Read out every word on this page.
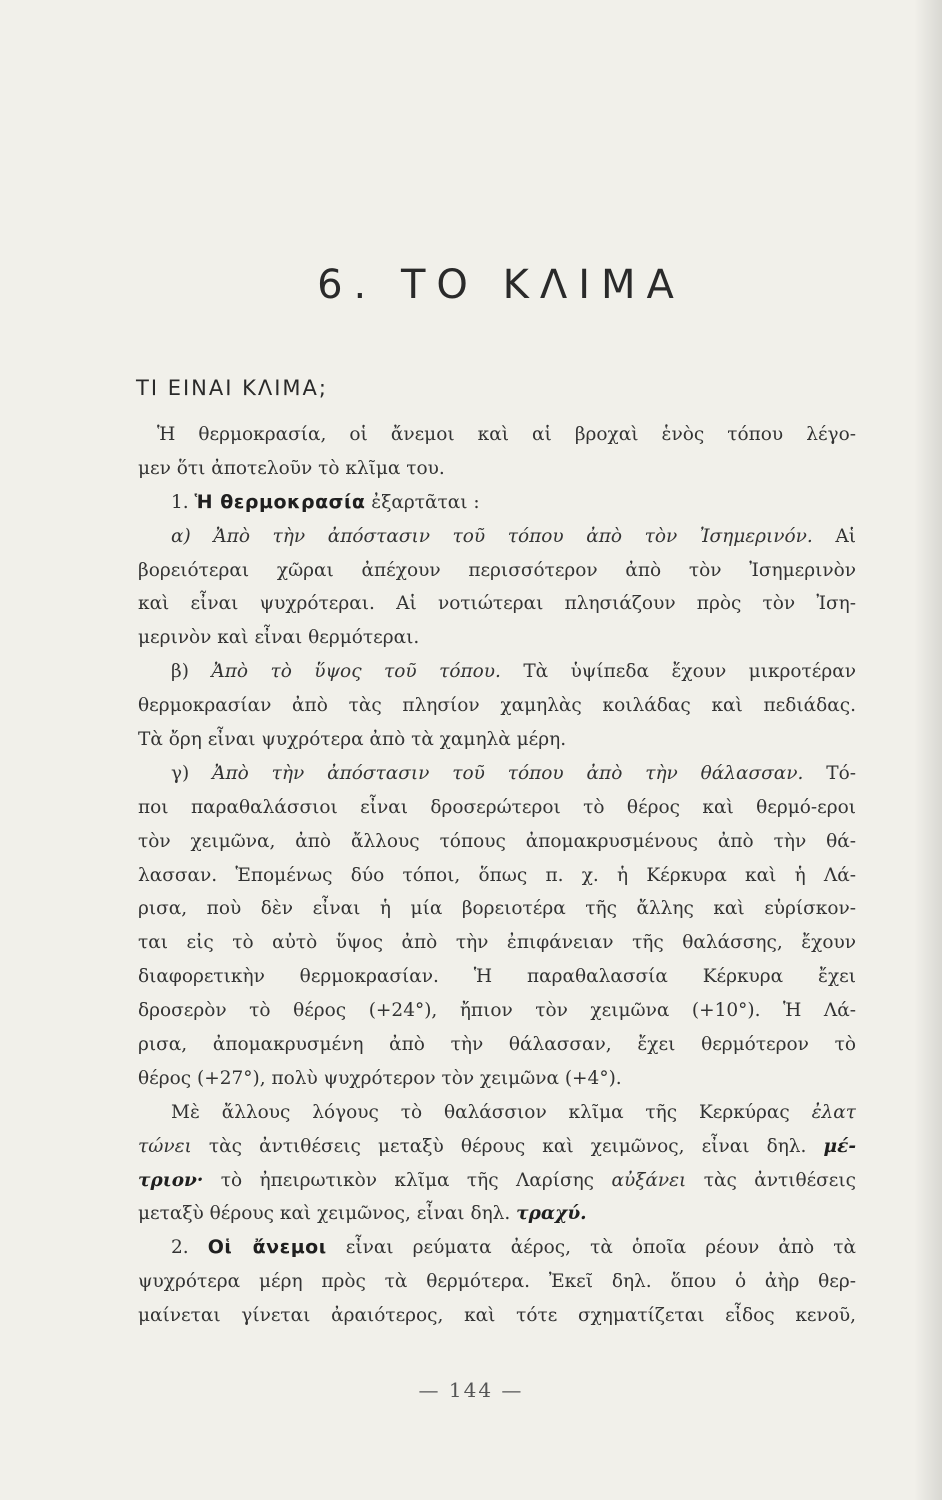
6. ΤΟ ΚΛΙΜΑ
ΤΙ ΕΙΝΑΙ ΚΛΙΜΑ;
Ἡ θερμοκρασία, οἱ ἄνεμοι καὶ αἱ βροχαὶ ἑνὸς τόπου λέγο-
μεν ὅτι ἀποτελοῦν τὸ κλῖμα του.
1. Ἡ θερμοκρασία ἐξαρτᾶται :
α) Ἀπὸ τὴν ἀπόστασιν τοῦ τόπου ἀπὸ τὸν Ἰσημερινόν. Αἱ
βορειότεραι χῶραι ἀπέχουν περισσότερον ἀπὸ τὸν Ἰσημερινὸν
καὶ εἶναι ψυχρότεραι. Αἱ νοτιώτεραι πλησιάζουν πρὸς τὸν Ἰση-
μερινὸν καὶ εἶναι θερμότεραι.
β) Ἀπὸ τὸ ὕψος τοῦ τόπου. Τὰ ὑψίπεδα ἔχουν μικροτέραν
θερμοκρασίαν ἀπὸ τὰς πλησίον χαμηλὰς κοιλάδας καὶ πεδιάδας.
Τὰ ὄρη εἶναι ψυχρότερα ἀπὸ τὰ χαμηλὰ μέρη.
γ) Ἀπὸ τὴν ἀπόστασιν τοῦ τόπου ἀπὸ τὴν θάλασσαν. Τό-
ποι παραθαλάσσιοι εἶναι δροσερώτεροι τὸ θέρος καὶ θερμό-εροι
τὸν χειμῶνα, ἀπὸ ἄλλους τόπους ἀπομακρυσμένους ἀπὸ τὴν θά-
λασσαν. Ἑπομένως δύο τόποι, ὅπως π. χ. ἡ Κέρκυρα καὶ ἡ Λά-
ρισα, ποὺ δὲν εἶναι ἡ μία βορειοτέρα τῆς ἄλλης καὶ εὑρίσκον-
ται εἰς τὸ αὐτὸ ὕψος ἀπὸ τὴν ἐπιφάνειαν τῆς θαλάσσης, ἔχουν
διαφορετικὴν θερμοκρασίαν. Ἡ παραθαλασσία Κέρκυρα ἔχει
δροσερὸν τὸ θέρος (+24°), ἤπιον τὸν χειμῶνα (+10°). Ἡ Λά-
ρισα, ἀπομακρυσμένη ἀπὸ τὴν θάλασσαν, ἔχει θερμότερον τὸ
θέρος (+27°), πολὺ ψυχρότερον τὸν χειμῶνα (+4°).
Μὲ ἄλλους λόγους τὸ θαλάσσιον κλῖμα τῆς Κερκύρας ἐλατ
τώνει τὰς ἀντιθέσεις μεταξὺ θέρους καὶ χειμῶνος, εἶναι δηλ. μέ-
τριον· τὸ ἠπειρωτικὸν κλῖμα τῆς Λαρίσης αὐξάνει τὰς ἀντιθέσεις
μεταξὺ θέρους καὶ χειμῶνος, εἶναι δηλ. τραχύ.
2. Οἱ ἄνεμοι εἶναι ρεύματα ἀέρος, τὰ ὁποῖα ρέουν ἀπὸ τὰ
ψυχρότερα μέρη πρὸς τὰ θερμότερα. Ἐκεῖ δηλ. ὅπου ὁ ἀὴρ θερ-
μαίνεται γίνεται ἀραιότερος, καὶ τότε σχηματίζεται εἶδος κενοῦ,
— 144 —
